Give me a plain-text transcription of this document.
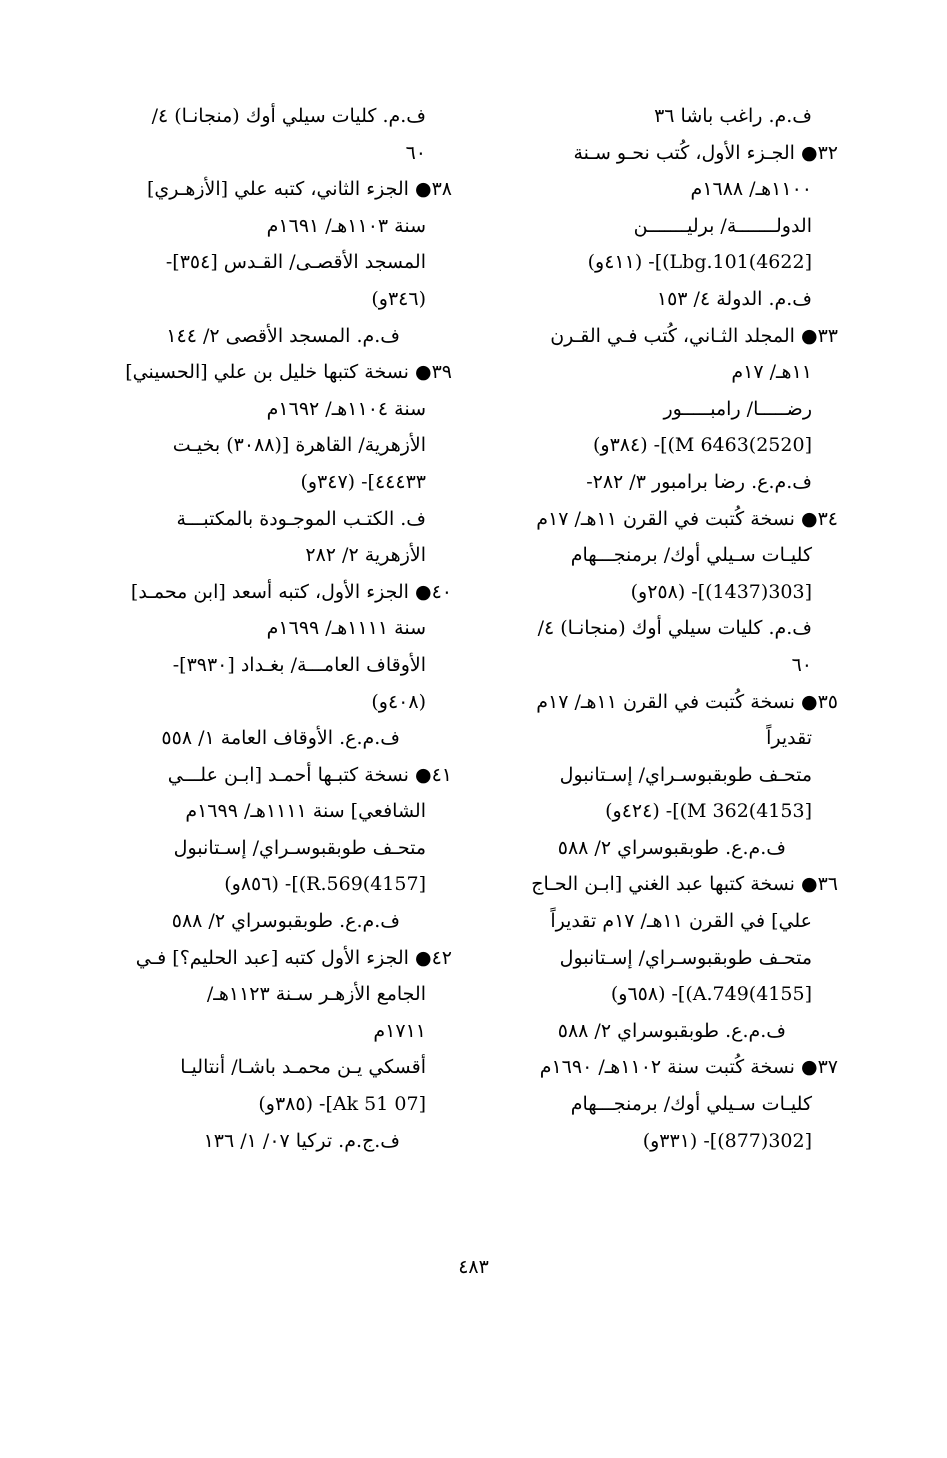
ف.م. راغب باشا ٣٦
٣٢● الجـزء الأول، كُتب نحـو سـنة
١١٠٠هـ/ ١٦٨٨م
الدولـــــــة/ برليـــــــن
[4622)Lbg.101)]- (٤١١و)
ف.م. الدولة ٤/ ١٥٣
٣٣● المجلد الثـاني، كُتب فـي القـرن
١١هـ/ ١٧م
رضـــــا/ رامبـــــور
[2520)6463 M)]- (٣٨٤و)
ف.م.ع. رضا برامبور ٣/ ٢٨٢-
٣٤● نسخة كُتبت في القرن ١١هـ/ ١٧م
كليـات سـيلي أوك/ برمنجـــهام
[303(1437)]- (٢٥٨و)
ف.م. كليات سيلي أوك (منجانـا) ٤/
٦٠
٣٥● نسخة كُتبت في القرن ١١هـ/ ١٧م
تقديراً
متحـف طوبقبوسـراي/ إسـتانبول
[4153)M 362)]- (٤٢٤و)
ف.م.ع. طوبقبوسراي ٢/ ٥٨٨
٣٦● نسخة كتبها عبد الغني [ابـن الحـاج
علي] في القرن ١١هـ/ ١٧م تقديراً
متحـف طوبقبوسـراي/ إسـتانبول
[4155)A.749)]- (٦٥٨و)
ف.م.ع. طوبقبوسراي ٢/ ٥٨٨
٣٧● نسخة كُتبت سنة ١١٠٢هـ/ ١٦٩٠م
كليـات سـيلي أوك/ برمنجـــهام
[302(877)]- (٣٣١و)
ف.م. كليات سيلي أوك (منجانـا) ٤/
٦٠
٣٨● الجزء الثاني، كتبه علي [الأزهـري]
سنة ١١٠٣هـ/ ١٦٩١م
المسجد الأقصـى/ القـدس [٣٥٤]-
(٣٤٦و)
ف.م. المسجد الأقصى ٢/ ١٤٤
٣٩● نسخة كتبها خليل بن علي [الحسيني]
سنة ١١٠٤هـ/ ١٦٩٢م
الأزهرية/ القاهرة [(٣٠٨٨) بخيـت
٤٤٤٣٣]- (٣٤٧و)
ف. الكتـب الموجـودة بالمكتبـــة
الأزهرية ٢/ ٢٨٢
٤٠● الجزء الأول، كتبه أسعد [ابن محمـد]
سنة ١١١١هـ/ ١٦٩٩م
الأوقاف العامـــة/ بغـداد [٣٩٣٠]-
(٤٠٨و)
ف.م.ع. الأوقاف العامة ١/ ٥٥٨
٤١● نسخة كتبـها أحمـد [ابـن علـــي
الشافعي] سنة ١١١١هـ/ ١٦٩٩م
متحـف طوبقبوسـراي/ إسـتانبول
[4157)R.569)]- (٨٥٦و)
ف.م.ع. طوبقبوسراي ٢/ ٥٨٨
٤٢● الجزء الأول كتبه [عبد الحليم؟] فـي
الجامع الأزهـر سـنة ١١٢٣هـ/
١٧١١م
أقسكي يـن محمـد باشـا/ أنتاليـا
[07 Ak 51]- (٣٨٥و)
ف.ج.م. تركيا ٠٧/ ١/ ١٣٦
٤٨٣
